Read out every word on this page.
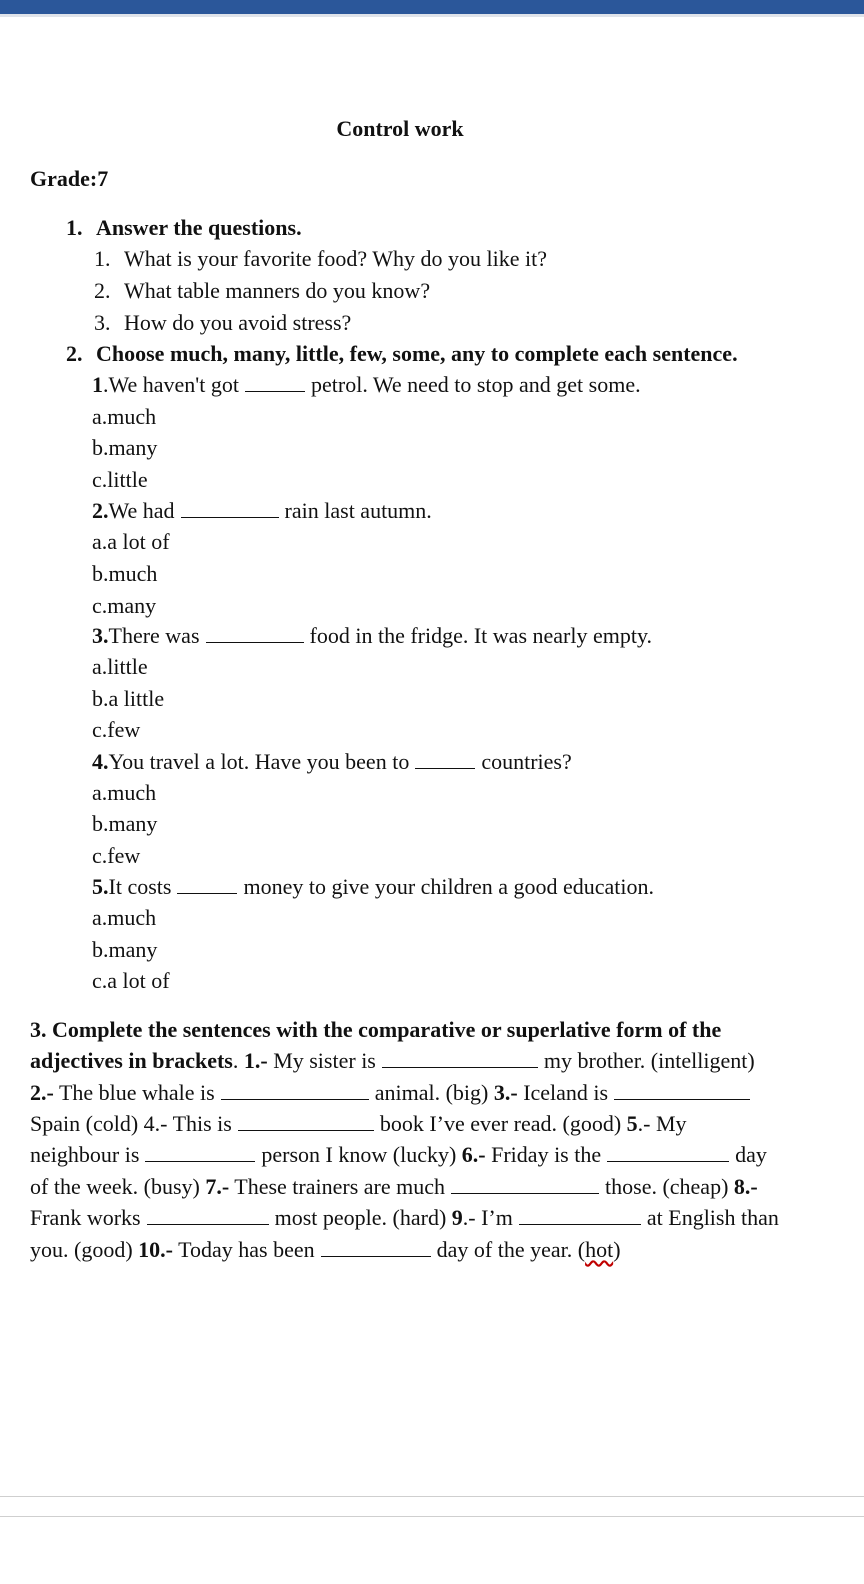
Control work
Grade:7
1. Answer the questions.
1. What is your favorite food? Why do you like it?
2. What table manners do you know?
3. How do you avoid stress?
2. Choose much, many, little, few, some, any to complete each sentence.
1.We haven't got	petrol. We need to stop and get some.
a.much
b.many
c.little
2.We had	rain last autumn.
a.a lot of
b.much
c.many
3.There was	food in the fridge. It was nearly empty.
a.little
b.a little
c.few
4.You travel a lot. Have you been to	countries?
a.much
b.many
c.few
5.It costs	money to give your children a good education.
a.much
b.many
c.a lot of
3. Complete the sentences with the comparative or superlative form of the
adjectives in brackets. 1.- My sister is	my brother. (intelligent)
2.- The blue whale is	animal. (big) 3.- Iceland is
Spain (cold) 4.- This is	book I’ve ever read. (good) 5.- My
neighbour is	person I know (lucky) 6.- Friday is the	day
of the week. (busy) 7.- These trainers are much	those. (cheap) 8.-
Frank works	most people. (hard) 9.- I’m	at English than
you. (good) 10.- Today has been	day of the year. (hot)
